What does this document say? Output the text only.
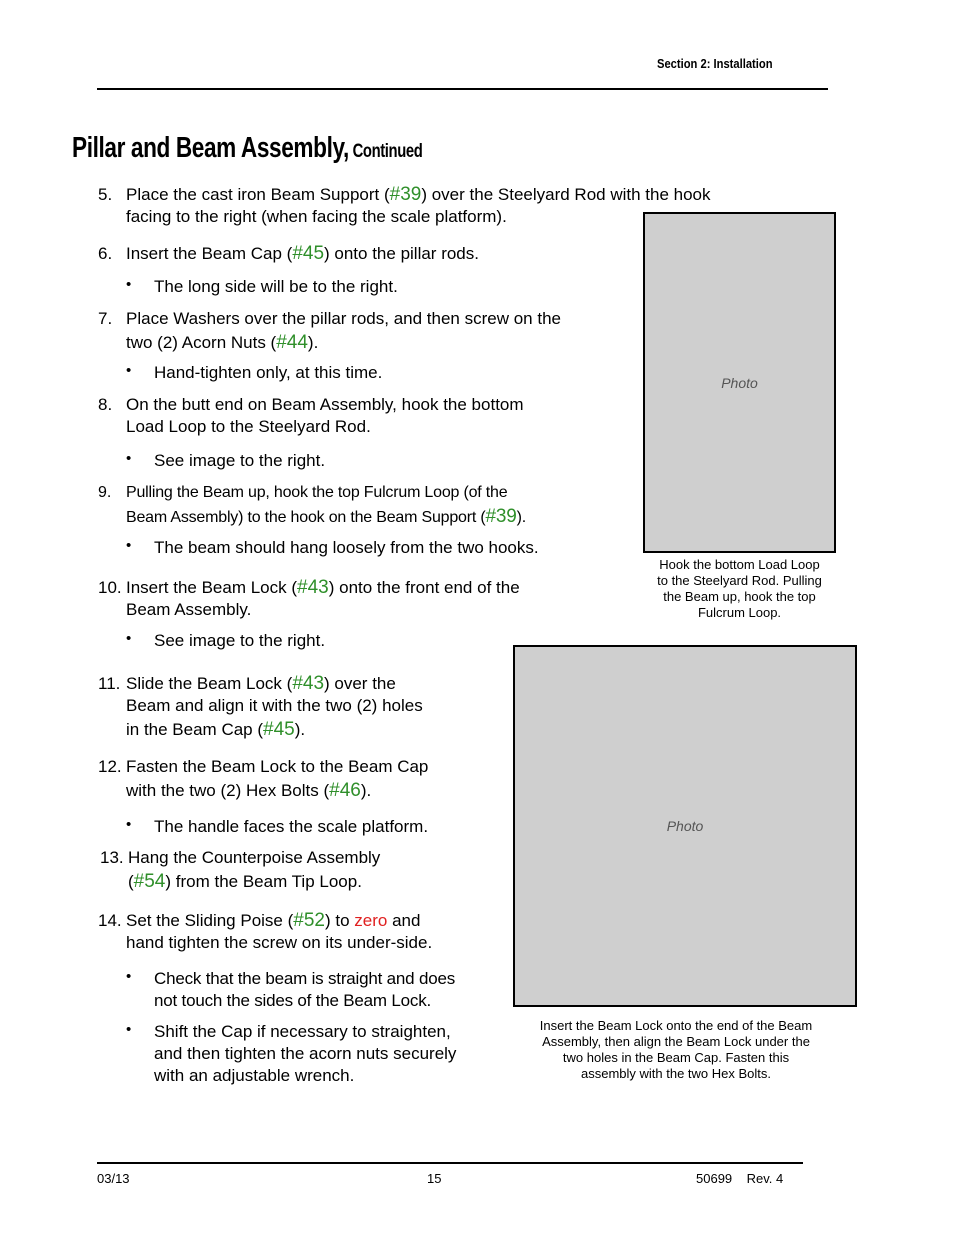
Section 2: Installation
Pillar and Beam Assembly, Continued
5. Place the cast iron Beam Support (#39) over the Steelyard Rod with the hook
facing to the right (when facing the scale platform).
6. Insert the Beam Cap (#45) onto the pillar rods.
• The long side will be to the right.
7. Place Washers over the pillar rods, and then screw on the
two (2) Acorn Nuts (#44).
• Hand-tighten only, at this time.
8. On the butt end on Beam Assembly, hook the bottom
Load Loop to the Steelyard Rod.
• See image to the right.
9. Pulling the Beam up, hook the top Fulcrum Loop (of the
Beam Assembly) to the hook on the Beam Support (#39).
• The beam should hang loosely from the two hooks.
10. Insert the Beam Lock (#43) onto the front end of the
Beam Assembly.
• See image to the right.
11. Slide the Beam Lock (#43) over the
Beam and align it with the two (2) holes
in the Beam Cap (#45).
12. Fasten the Beam Lock to the Beam Cap
with the two (2) Hex Bolts (#46).
• The handle faces the scale platform.
13. Hang the Counterpoise Assembly
(#54) from the Beam Tip Loop.
14. Set the Sliding Poise (#52) to zero and
hand tighten the screw on its under-side.
• Check that the beam is straight and does
not touch the sides of the Beam Lock.
• Shift the Cap if necessary to straighten,
and then tighten the acorn nuts securely
with an adjustable wrench.
Photo
Hook the bottom Load Loop
to the Steelyard Rod. Pulling
the Beam up, hook the top
Fulcrum Loop.
Photo
Insert the Beam Lock onto the end of the Beam
Assembly, then align the Beam Lock under the
two holes in the Beam Cap. Fasten this
assembly with the two Hex Bolts.
03/13	15	50699    Rev. 4
